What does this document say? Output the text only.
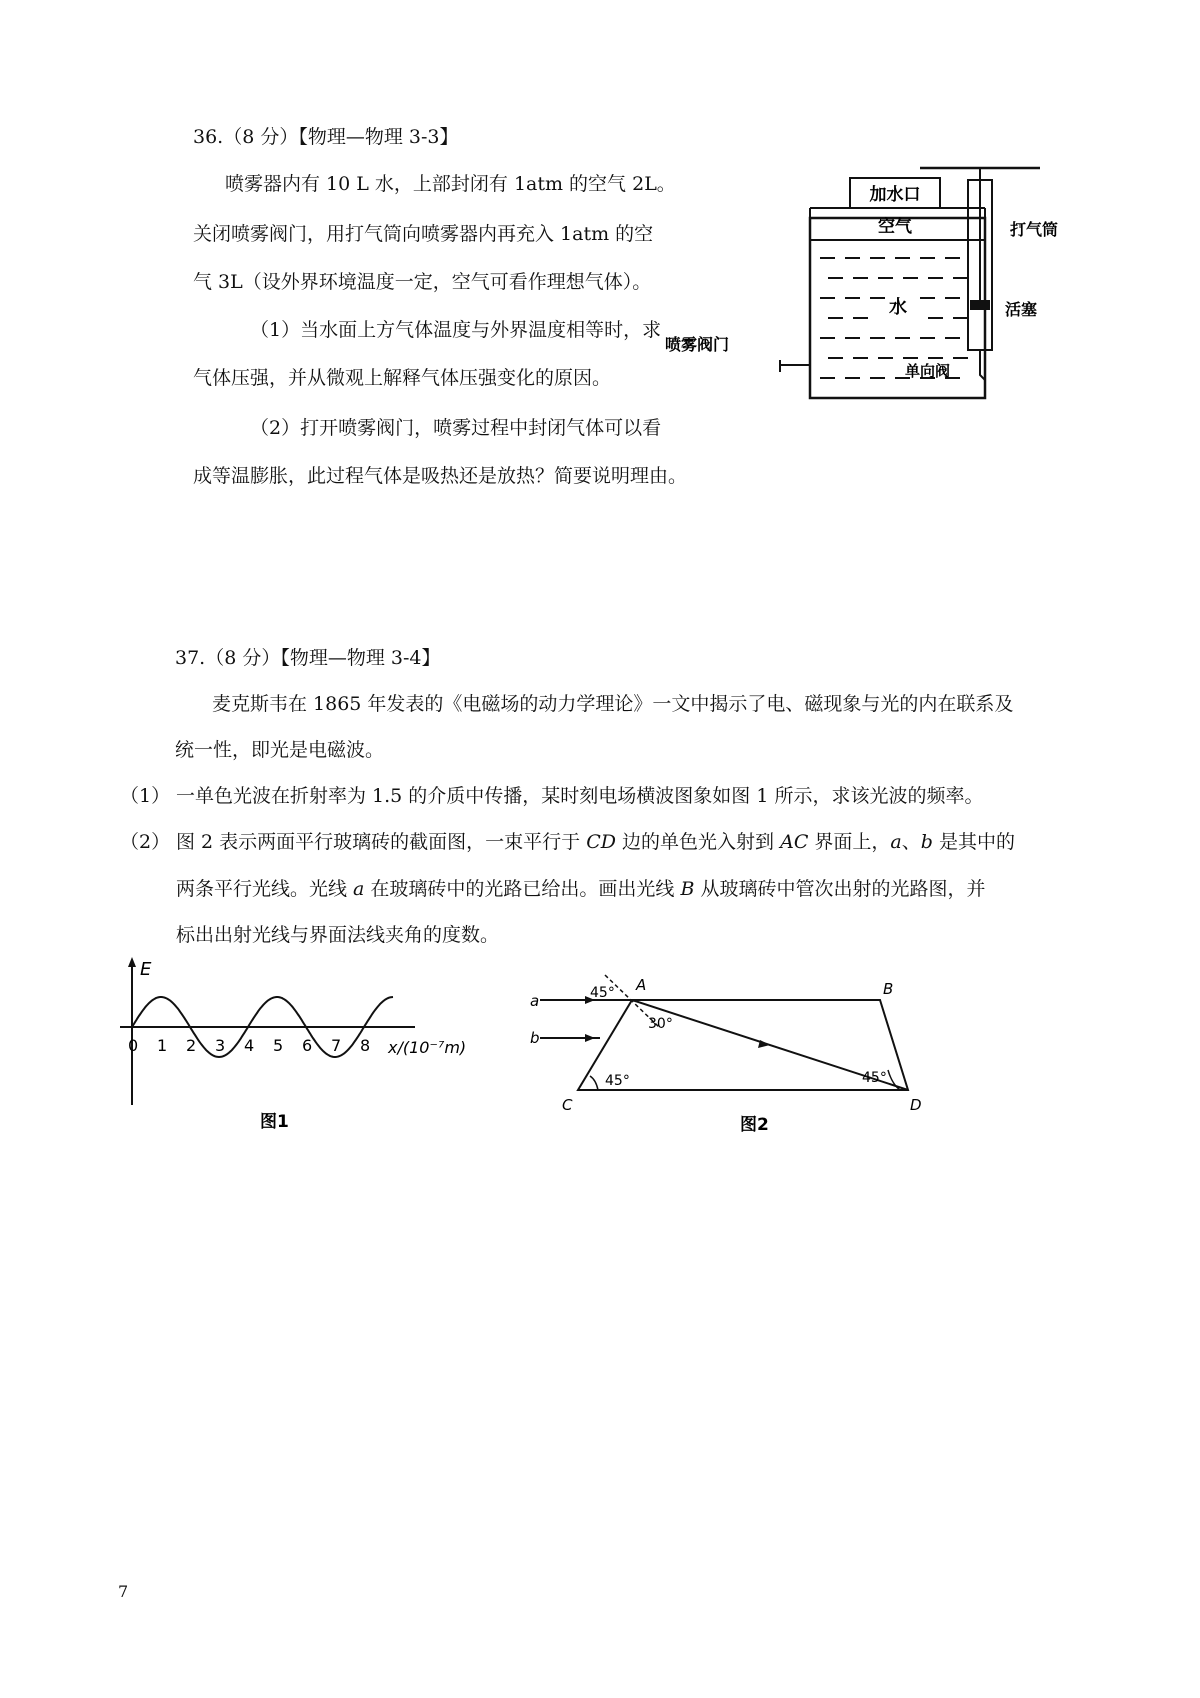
36.（8 分）【物理—物理 3-3】
喷雾器内有 10 L 水，上部封闭有 1atm 的空气 2L。
关闭喷雾阀门，用打气筒向喷雾器内再充入 1atm 的空
气 3L（设外界环境温度一定，空气可看作理想气体）。
（1）当水面上方气体温度与外界温度相等时，求
气体压强，并从微观上解释气体压强变化的原因。
（2）打开喷雾阀门，喷雾过程中封闭气体可以看
成等温膨胀，此过程气体是吸热还是放热？简要说明理由。
加水口
空气
水
打气筒
活塞
单向阀
喷雾阀门
37.（8 分）【物理—物理 3-4】
麦克斯韦在 1865 年发表的《电磁场的动力学理论》一文中揭示了电、磁现象与光的内在联系及
统一性，即光是电磁波。
（1） 一单色光波在折射率为 1.5 的介质中传播，某时刻电场横波图象如图 1 所示，求该光波的频率。
（2） 图 2 表示两面平行玻璃砖的截面图，一束平行于 CD 边的单色光入射到 AC 界面上，a、b 是其中的
两条平行光线。光线 a 在玻璃砖中的光路已给出。画出光线 B 从玻璃砖中管次出射的光路图，并
标出出射光线与界面法线夹角的度数。
E
0 1 2 3 4 5 6 7 8 x/(10⁻⁷m)
图1
a
b
A	B
C	D
45°
30°
45°	45°
图2
7
